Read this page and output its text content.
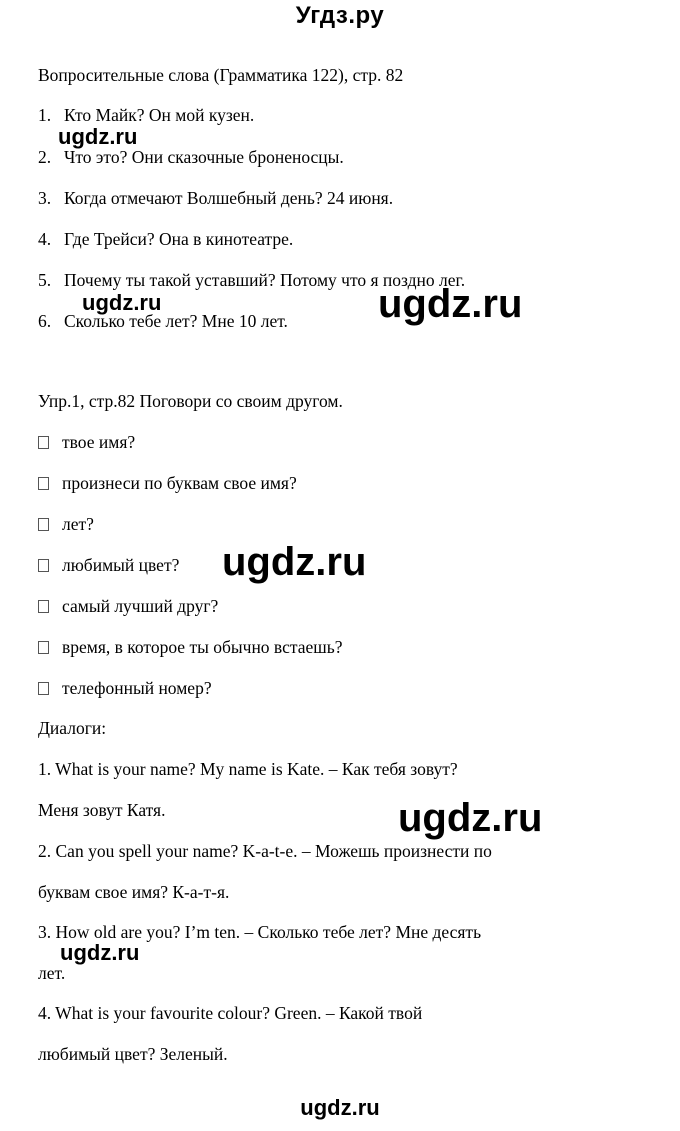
Угдз.ру
Вопросительные слова (Грамматика 122), стр. 82
1. Кто Майк? Он мой кузен.
2. Что это? Они сказочные броненосцы.
3. Когда отмечают Волшебный день? 24 июня.
4. Где Трейси? Она в кинотеатре.
5. Почему ты такой уставший? Потому что я поздно лег.
6. Сколько тебе лет? Мне 10 лет.
Упр.1, стр.82 Поговори со своим другом.
твое имя?
произнеси по буквам свое имя?
лет?
любимый цвет?
самый лучший друг?
время, в которое ты обычно встаешь?
телефонный номер?
Диалоги:
1. What is your name? My name is Kate. – Как тебя зовут?
Меня зовут Катя.
2. Can you spell your name? K-a-t-e. – Можешь произнести по
буквам свое имя? К-а-т-я.
3. How old are you? I’m ten. – Сколько тебе лет? Мне десять
лет.
4. What is your favourite colour? Green. – Какой твой
любимый цвет? Зеленый.
ugdz.ru
ugdz.ru	ugdz.ru
ugdz.ru
ugdz.ru
ugdz.ru
ugdz.ru
